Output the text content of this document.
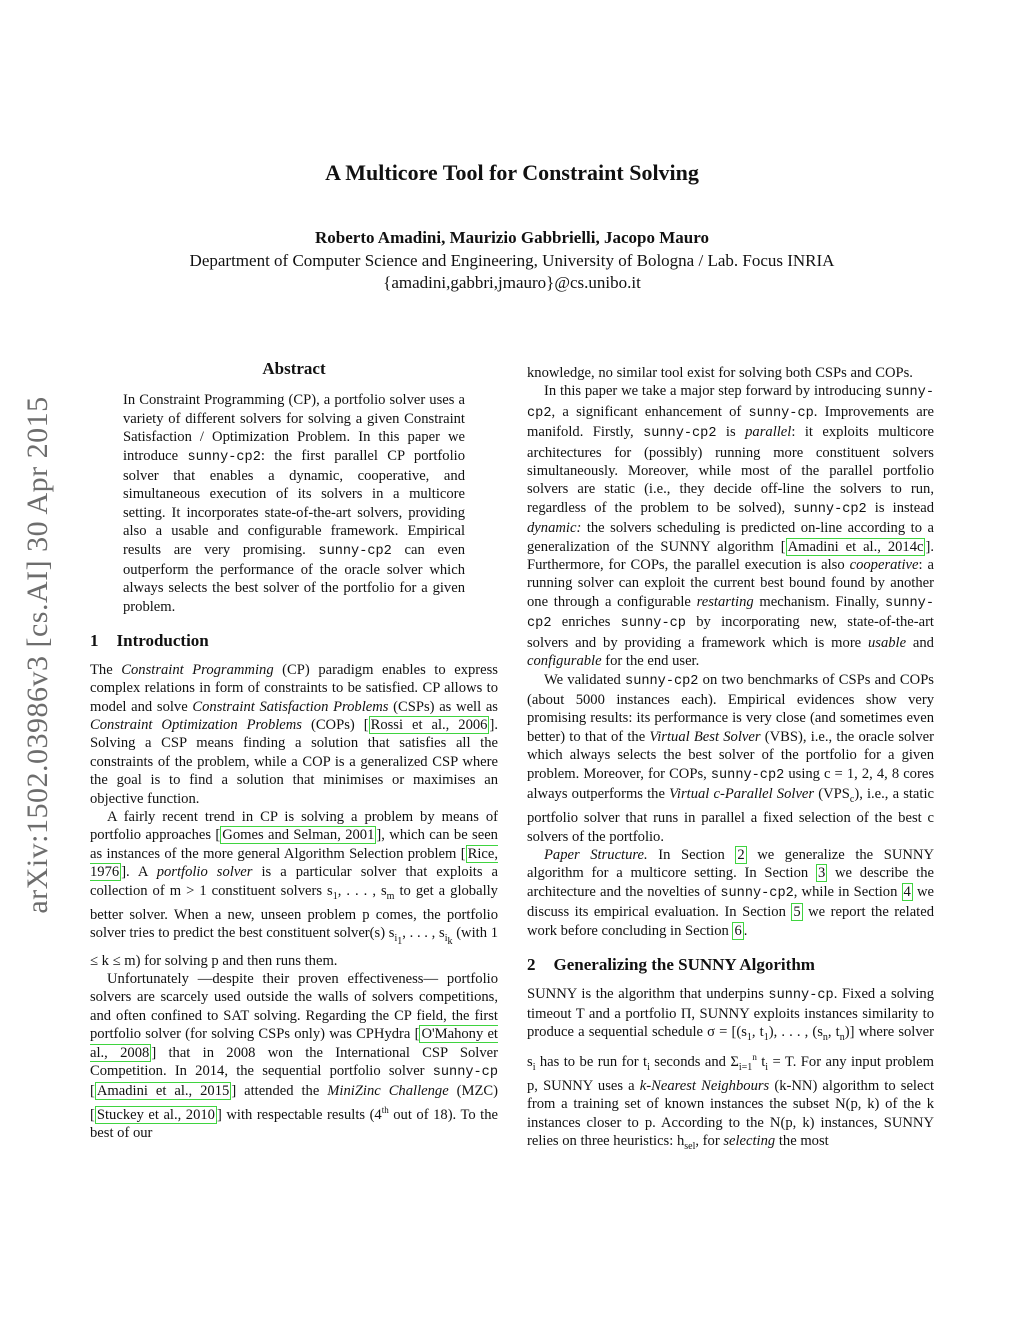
arXiv:1502.03986v3 [cs.AI] 30 Apr 2015
A Multicore Tool for Constraint Solving
Roberto Amadini, Maurizio Gabbrielli, Jacopo Mauro
Department of Computer Science and Engineering, University of Bologna / Lab. Focus INRIA
{amadini,gabbri,jmauro}@cs.unibo.it
Abstract

In Constraint Programming (CP), a portfolio solver uses a variety of different solvers for solving a given Constraint Satisfaction / Optimization Problem. In this paper we introduce sunny-cp2: the first parallel CP portfolio solver that enables a dynamic, cooperative, and simultaneous execution of its solvers in a multicore setting. It incorporates state-of-the-art solvers, providing also a usable and configurable framework. Empirical results are very promising. sunny-cp2 can even outperform the performance of the oracle solver which always selects the best solver of the portfolio for a given problem.

1 Introduction

The Constraint Programming (CP) paradigm enables to express complex relations in form of constraints to be satisfied. CP allows to model and solve Constraint Satisfaction Problems (CSPs) as well as Constraint Optimization Problems (COPs) [ Rossi et al., 2006 ]. Solving a CSP means finding a solution that satisfies all the constraints of the problem, while a COP is a generalized CSP where the goal is to find a solution that minimises or maximises an objective function.

A fairly recent trend in CP is solving a problem by means of portfolio approaches [ Gomes and Selman, 2001 ], which can be seen as instances of the more general Algorithm Selection problem [ Rice, 1976 ]. A portfolio solver is a particular solver that exploits a collection of m > 1 constituent solvers $s_1$, . . . , $s_m$ to get a globally better solver. When a new, unseen problem p comes, the portfolio solver tries to predict the best constituent solver(s) $s_{i_1}$, . . . , $s_{i_k}$ (with 1 ≤ k ≤ m) for solving p and then runs them.

Unfortunately —despite their proven effectiveness— portfolio solvers are scarcely used outside the walls of solvers competitions, and often confined to SAT solving. Regarding the CP field, the first portfolio solver (for solving CSPs only) was CPHydra [ O'Mahony et al., 2008 ] that in 2008 won the International CSP Solver Competition. In 2014, the sequential portfolio solver sunny-cp [ Amadini et al., 2015 ] attended the MiniZinc Challenge (MZC) [ Stuckey et al., 2010 ] with respectable results (4th out of 18). To the best of our

knowledge, no similar tool exist for solving both CSPs and COPs.

In this paper we take a major step forward by introducing sunny-cp2, a significant enhancement of sunny-cp. Improvements are manifold. Firstly, sunny-cp2 is parallel: it exploits multicore architectures for (possibly) running more constituent solvers simultaneously. Moreover, while most of the parallel portfolio solvers are static (i.e., they decide off-line the solvers to run, regardless of the problem to be solved), sunny-cp2 is instead dynamic: the solvers scheduling is predicted on-line according to a generalization of the SUNNY algorithm [ Amadini et al., 2014c ]. Furthermore, for COPs, the parallel execution is also cooperative: a running solver can exploit the current best bound found by another one through a configurable restarting mechanism. Finally, sunny-cp2 enriches sunny-cp by incorporating new, state-of-the-art solvers and by providing a framework which is more usable and configurable for the end user.

We validated sunny-cp2 on two benchmarks of CSPs and COPs (about 5000 instances each). Empirical evidences show very promising results: its performance is very close (and sometimes even better) to that of the Virtual Best Solver (VBS), i.e., the oracle solver which always selects the best solver of the portfolio for a given problem. Moreover, for COPs, sunny-cp2 using c = 1, 2, 4, 8 cores always outperforms the Virtual c-Parallel Solver $(VPS_c)$, i.e., a static portfolio solver that runs in parallel a fixed selection of the best c solvers of the portfolio.

Paper Structure. In Section 2 we generalize the SUNNY algorithm for a multicore setting. In Section 3 we describe the architecture and the novelties of sunny-cp2, while in Section 4 we discuss its empirical evaluation. In Section 5 we report the related work before concluding in Section 6 .

2 Generalizing the SUNNY Algorithm

SUNNY is the algorithm that underpins sunny-cp. Fixed a solving timeout T and a portfolio Π, SUNNY exploits instances similarity to produce a sequential schedule $\sigma = [(s_1$, $t_1$), . . . , ($s_n$, $t_n$)] where solver $s_i$ has to be run for $t_i$ seconds and $\Sigma_{i=1}^n$ $t_i = T$. For any input problem p, SUNNY uses a k-Nearest Neighbours (k-NN) algorithm to select from a training set of known instances the subset N(p, k) of the k instances closer to p. According to the N(p, k) instances, SUNNY relies on three heuristics: $h_{sel}$, for selecting the most
